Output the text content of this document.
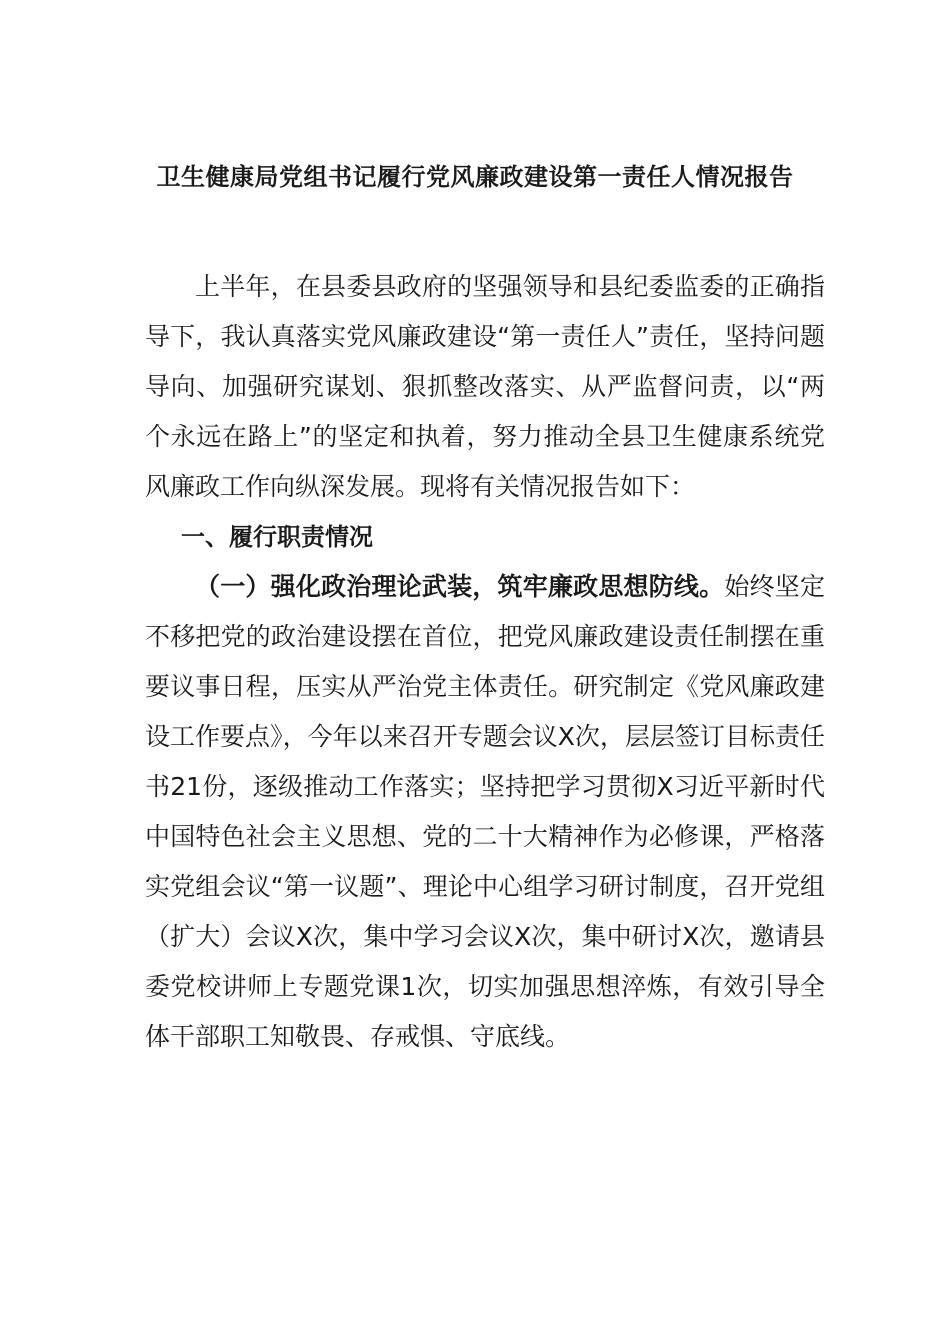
卫生健康局党组书记履行党风廉政建设第一责任人情况报告

上半年，在县委县政府的坚强领导和县纪委监委的正确指导下，我认真落实党风廉政建设“第一责任人”责任，坚持问题导向、加强研究谋划、狠抓整改落实、从严监督问责，以“两个永远在路上”的坚定和执着，努力推动全县卫生健康系统党风廉政工作向纵深发展。现将有关情况报告如下：

一、履行职责情况

（一）强化政治理论武装，筑牢廉政思想防线。始终坚定不移把党的政治建设摆在首位，把党风廉政建设责任制摆在重要议事日程，压实从严治党主体责任。研究制定《党风廉政建设工作要点》，今年以来召开专题会议X次，层层签订目标责任书21份，逐级推动工作落实；坚持把学习贯彻X习近平新时代中国特色社会主义思想、党的二十大精神作为必修课，严格落实党组会议“第一议题”、理论中心组学习研讨制度，召开党组（扩大）会议X次，集中学习会议X次，集中研讨X次，邀请县委党校讲师上专题党课1次，切实加强思想淬炼，有效引导全体干部职工知敬畏、存戒惧、守底线。
